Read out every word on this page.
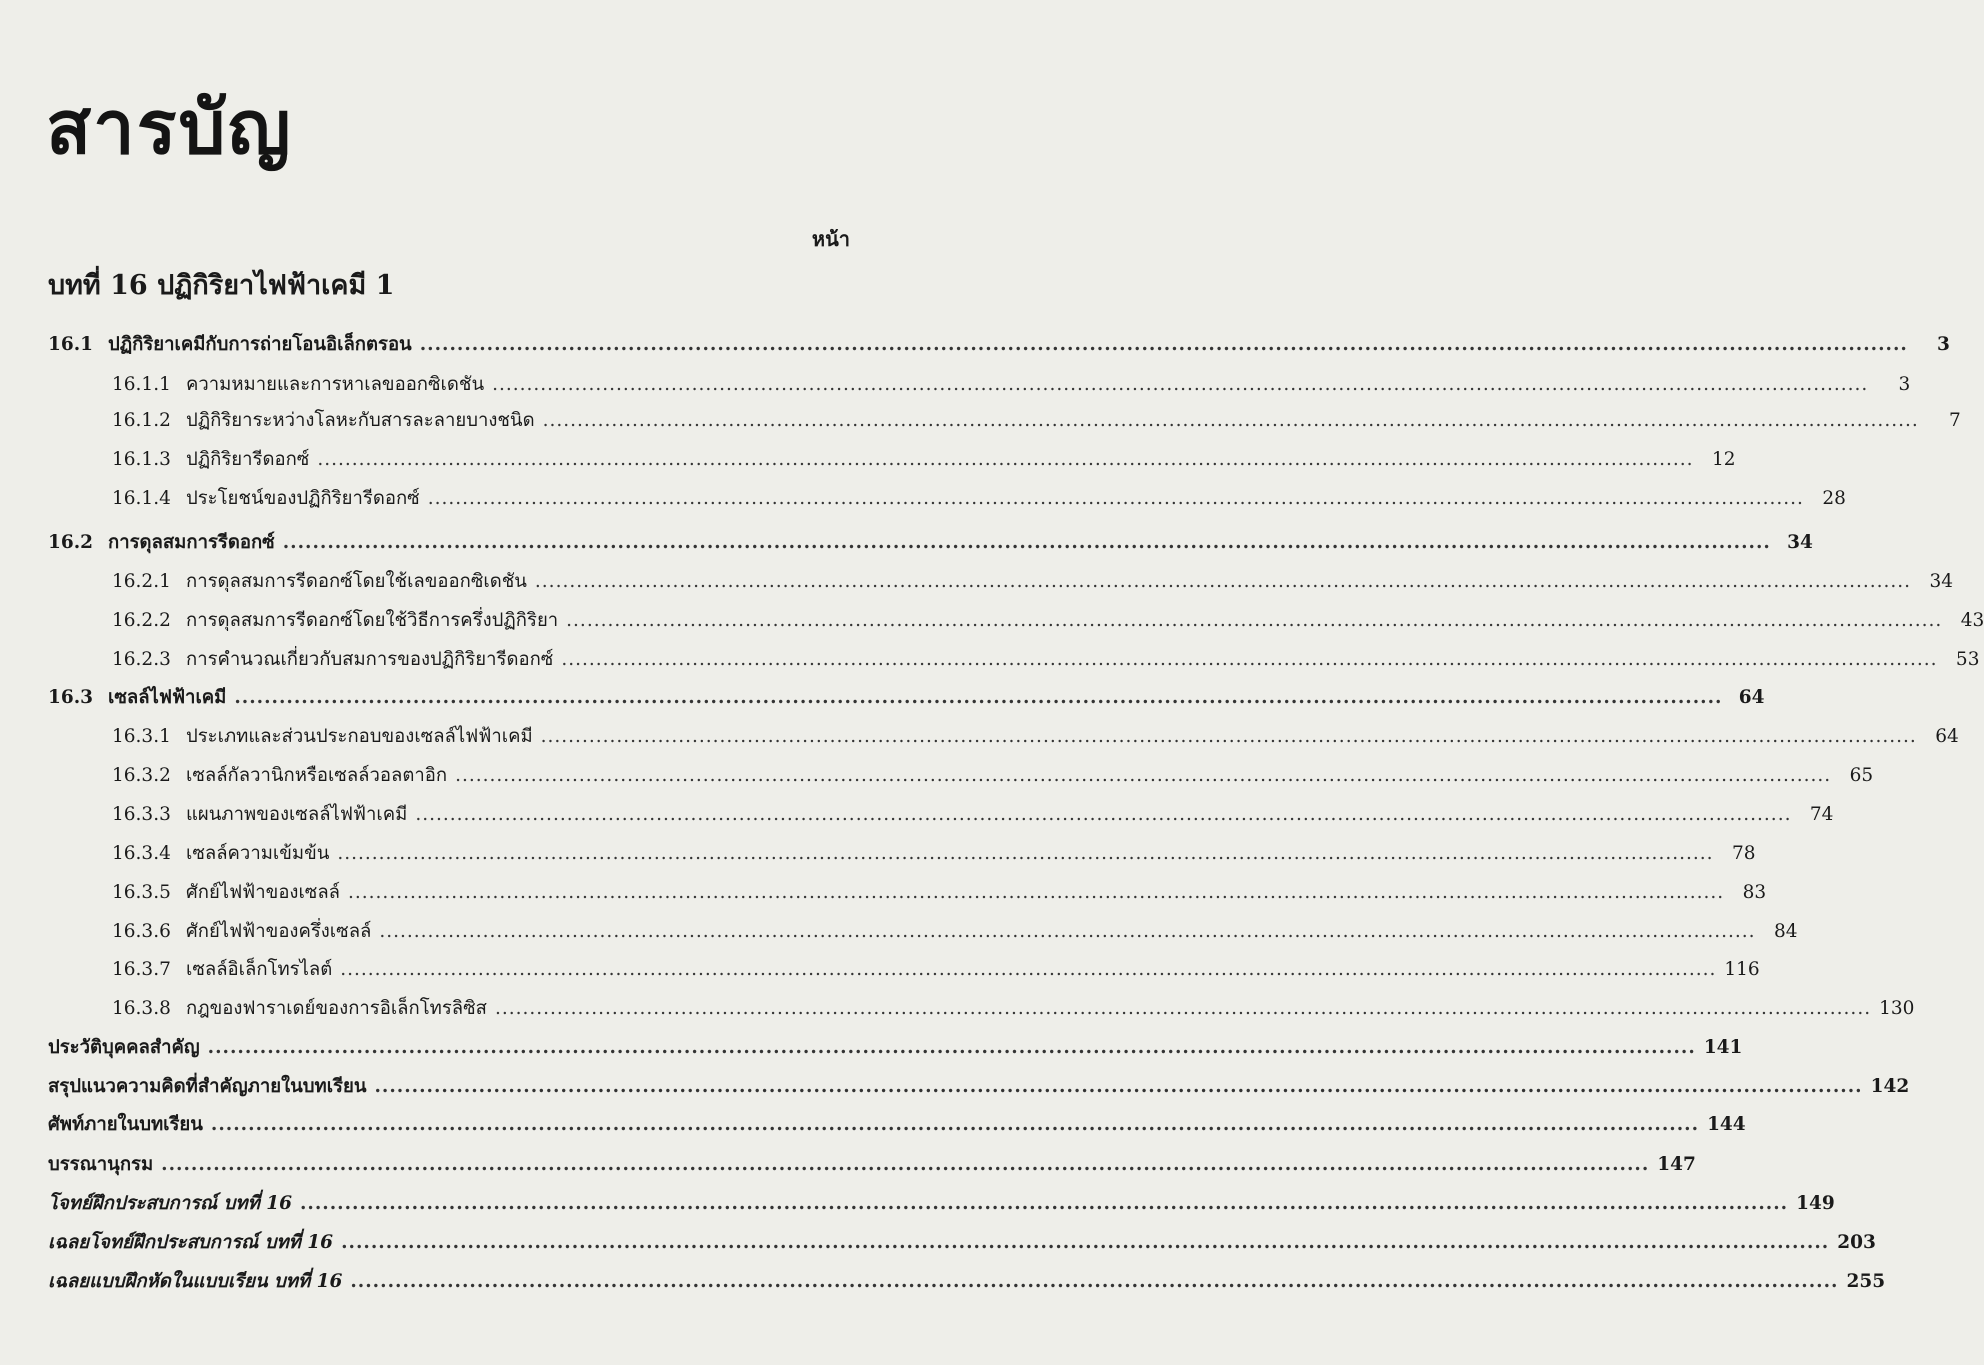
สารบัญ
หน้า
บทที่ 16 ปฏิกิริยาไฟฟ้าเคมี 1
16.1 ปฏิกิริยาเคมีกับการถ่ายโอนอิเล็กตรอน ........................................................................................................................................................................................................	3
16.1.1 ความหมายและการหาเลขออกซิเดชัน ........................................................................................................................................................................................................	3
16.1.2 ปฏิกิริยาระหว่างโลหะกับสารละลายบางชนิด ........................................................................................................................................................................................................	7
16.1.3 ปฏิกิริยารีดอกซ์ ........................................................................................................................................................................................................ 12
16.1.4 ประโยชน์ของปฏิกิริยารีดอกซ์ ........................................................................................................................................................................................................ 28
16.2 การดุลสมการรีดอกซ์ ........................................................................................................................................................................................................ 34
16.2.1 การดุลสมการรีดอกซ์โดยใช้เลขออกซิเดชัน ........................................................................................................................................................................................................ 34
16.2.2 การดุลสมการรีดอกซ์โดยใช้วิธีการครึ่งปฏิกิริยา ........................................................................................................................................................................................................ 43
16.2.3 การคำนวณเกี่ยวกับสมการของปฏิกิริยารีดอกซ์ ........................................................................................................................................................................................................ 53
16.3 เซลล์ไฟฟ้าเคมี ........................................................................................................................................................................................................ 64
16.3.1 ประเภทและส่วนประกอบของเซลล์ไฟฟ้าเคมี ........................................................................................................................................................................................................ 64
16.3.2 เซลล์กัลวานิกหรือเซลล์วอลตาอิก ........................................................................................................................................................................................................ 65
16.3.3 แผนภาพของเซลล์ไฟฟ้าเคมี ........................................................................................................................................................................................................ 74
16.3.4 เซลล์ความเข้มข้น ........................................................................................................................................................................................................ 78
16.3.5 ศักย์ไฟฟ้าของเซลล์ ........................................................................................................................................................................................................ 83
16.3.6 ศักย์ไฟฟ้าของครึ่งเซลล์ ........................................................................................................................................................................................................ 84
16.3.7 เซลล์อิเล็กโทรไลต์ ........................................................................................................................................................................................................ 116
16.3.8 กฎของฟาราเดย์ของการอิเล็กโทรลิซิส ........................................................................................................................................................................................................ 130
ประวัติบุคคลสำคัญ ........................................................................................................................................................................................................ 141
สรุปแนวความคิดที่สำคัญภายในบทเรียน ........................................................................................................................................................................................................ 142
ศัพท์ภายในบทเรียน ........................................................................................................................................................................................................ 144
บรรณานุกรม ........................................................................................................................................................................................................ 147
โจทย์ฝึกประสบการณ์ บทที่ 16 ........................................................................................................................................................................................................ 149
เฉลยโจทย์ฝึกประสบการณ์ บทที่ 16 ........................................................................................................................................................................................................ 203
เฉลยแบบฝึกหัดในแบบเรียน บทที่ 16 ........................................................................................................................................................................................................ 255
